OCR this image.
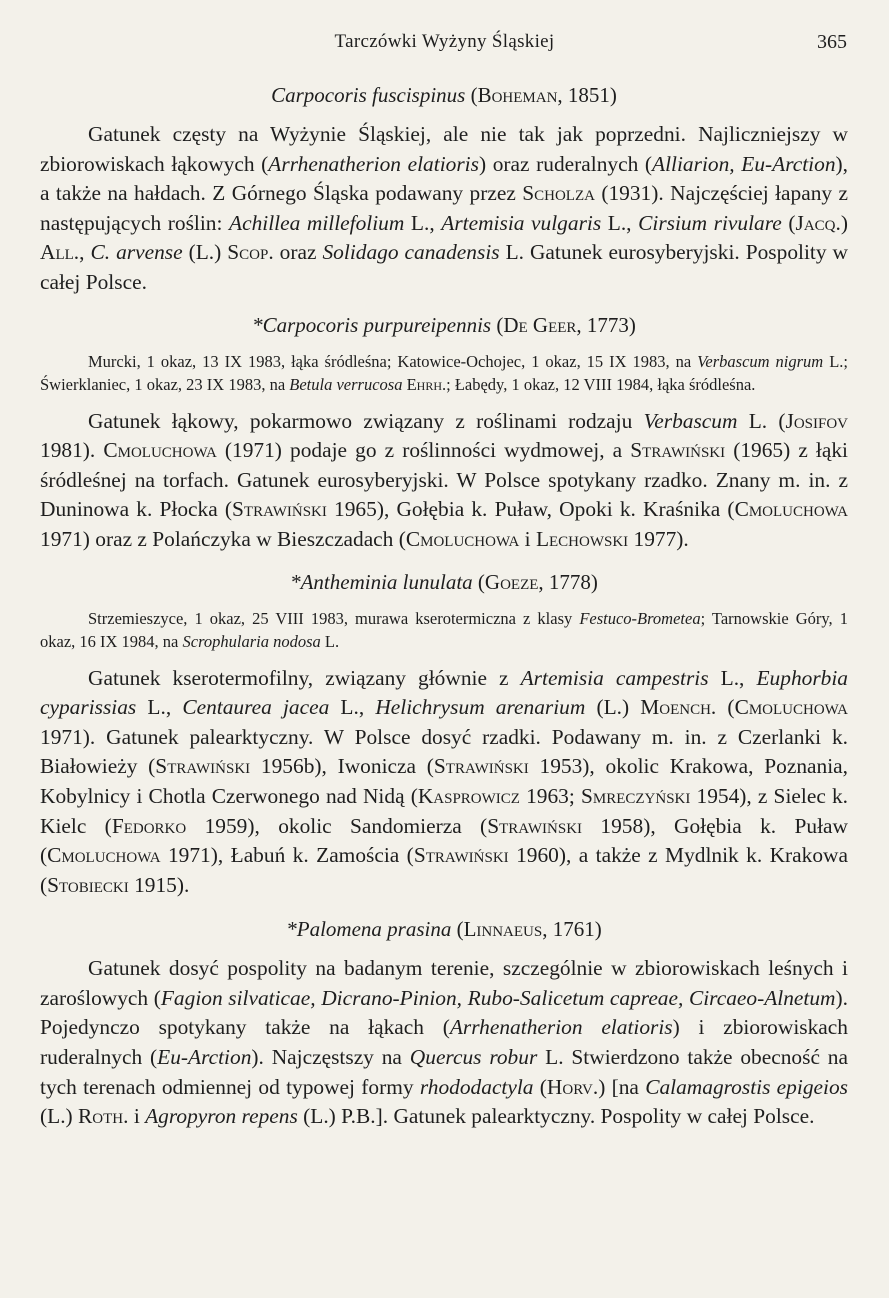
Tarczówki Wyżyny Śląskiej	365
Carpocoris fuscispinus (Boheman, 1851)

Gatunek częsty na Wyżynie Śląskiej, ale nie tak jak poprzedni. Najliczniejszy w zbiorowiskach łąkowych (Arrhenatherion elatioris) oraz ruderalnych (Alliarion, Eu-Arction), a także na hałdach. Z Górnego Śląska podawany przez Scholza (1931). Najczęściej łapany z następujących roślin: Achillea millefolium L., Artemisia vulgaris L., Cirsium rivulare (Jacq.) All., C. arvense (L.) Scop. oraz Solidago canadensis L. Gatunek eurosyberyjski. Pospolity w całej Polsce.

*Carpocoris purpureipennis (De Geer, 1773)

Murcki, 1 okaz, 13 IX 1983, łąka śródleśna; Katowice-Ochojec, 1 okaz, 15 IX 1983, na Verbascum nigrum L.; Świerklaniec, 1 okaz, 23 IX 1983, na Betula verrucosa Ehrh.; Łabędy, 1 okaz, 12 VIII 1984, łąka śródleśna.

Gatunek łąkowy, pokarmowo związany z roślinami rodzaju Verbascum L. (Josifov 1981). Cmoluchowa (1971) podaje go z roślinności wydmowej, a Strawiński (1965) z łąki śródleśnej na torfach. Gatunek eurosyberyjski. W Polsce spotykany rzadko. Znany m. in. z Duninowa k. Płocka (Strawiński 1965), Gołębia k. Puław, Opoki k. Kraśnika (Cmoluchowa 1971) oraz z Polańczyka w Bieszczadach (Cmoluchowa i Lechowski 1977).

*Antheminia lunulata (Goeze, 1778)

Strzemieszyce, 1 okaz, 25 VIII 1983, murawa kserotermiczna z klasy Festuco-Brometea; Tarnowskie Góry, 1 okaz, 16 IX 1984, na Scrophularia nodosa L.

Gatunek kserotermofilny, związany głównie z Artemisia campestris L., Euphorbia cyparissias L., Centaurea jacea L., Helichrysum arenarium (L.) Moench. (Cmoluchowa 1971). Gatunek palearktyczny. W Polsce dosyć rzadki. Podawany m. in. z Czerlanki k. Białowieży (Strawiński 1956b), Iwonicza (Strawiński 1953), okolic Krakowa, Poznania, Kobylnicy i Chotla Czerwonego nad Nidą (Kasprowicz 1963; Smreczyński 1954), z Sielec k. Kielc (Fedorko 1959), okolic Sandomierza (Strawiński 1958), Gołębia k. Puław (Cmoluchowa 1971), Łabuń k. Zamościa (Strawiński 1960), a także z Mydlnik k. Krakowa (Stobiecki 1915).

*Palomena prasina (Linnaeus, 1761)

Gatunek dosyć pospolity na badanym terenie, szczególnie w zbiorowiskach leśnych i zaroślowych (Fagion silvaticae, Dicrano-Pinion, Rubo-Salicetum capreae, Circaeo-Alnetum). Pojedynczo spotykany także na łąkach (Arrhenatherion elatioris) i zbiorowiskach ruderalnych (Eu-Arction). Najczęstszy na Quercus robur L. Stwierdzono także obecność na tych terenach odmiennej od typowej formy rhododactyla (Horv.) [na Calamagrostis epigeios (L.) Roth. i Agropyron repens (L.) P.B.]. Gatunek palearktyczny. Pospolity w całej Polsce.
